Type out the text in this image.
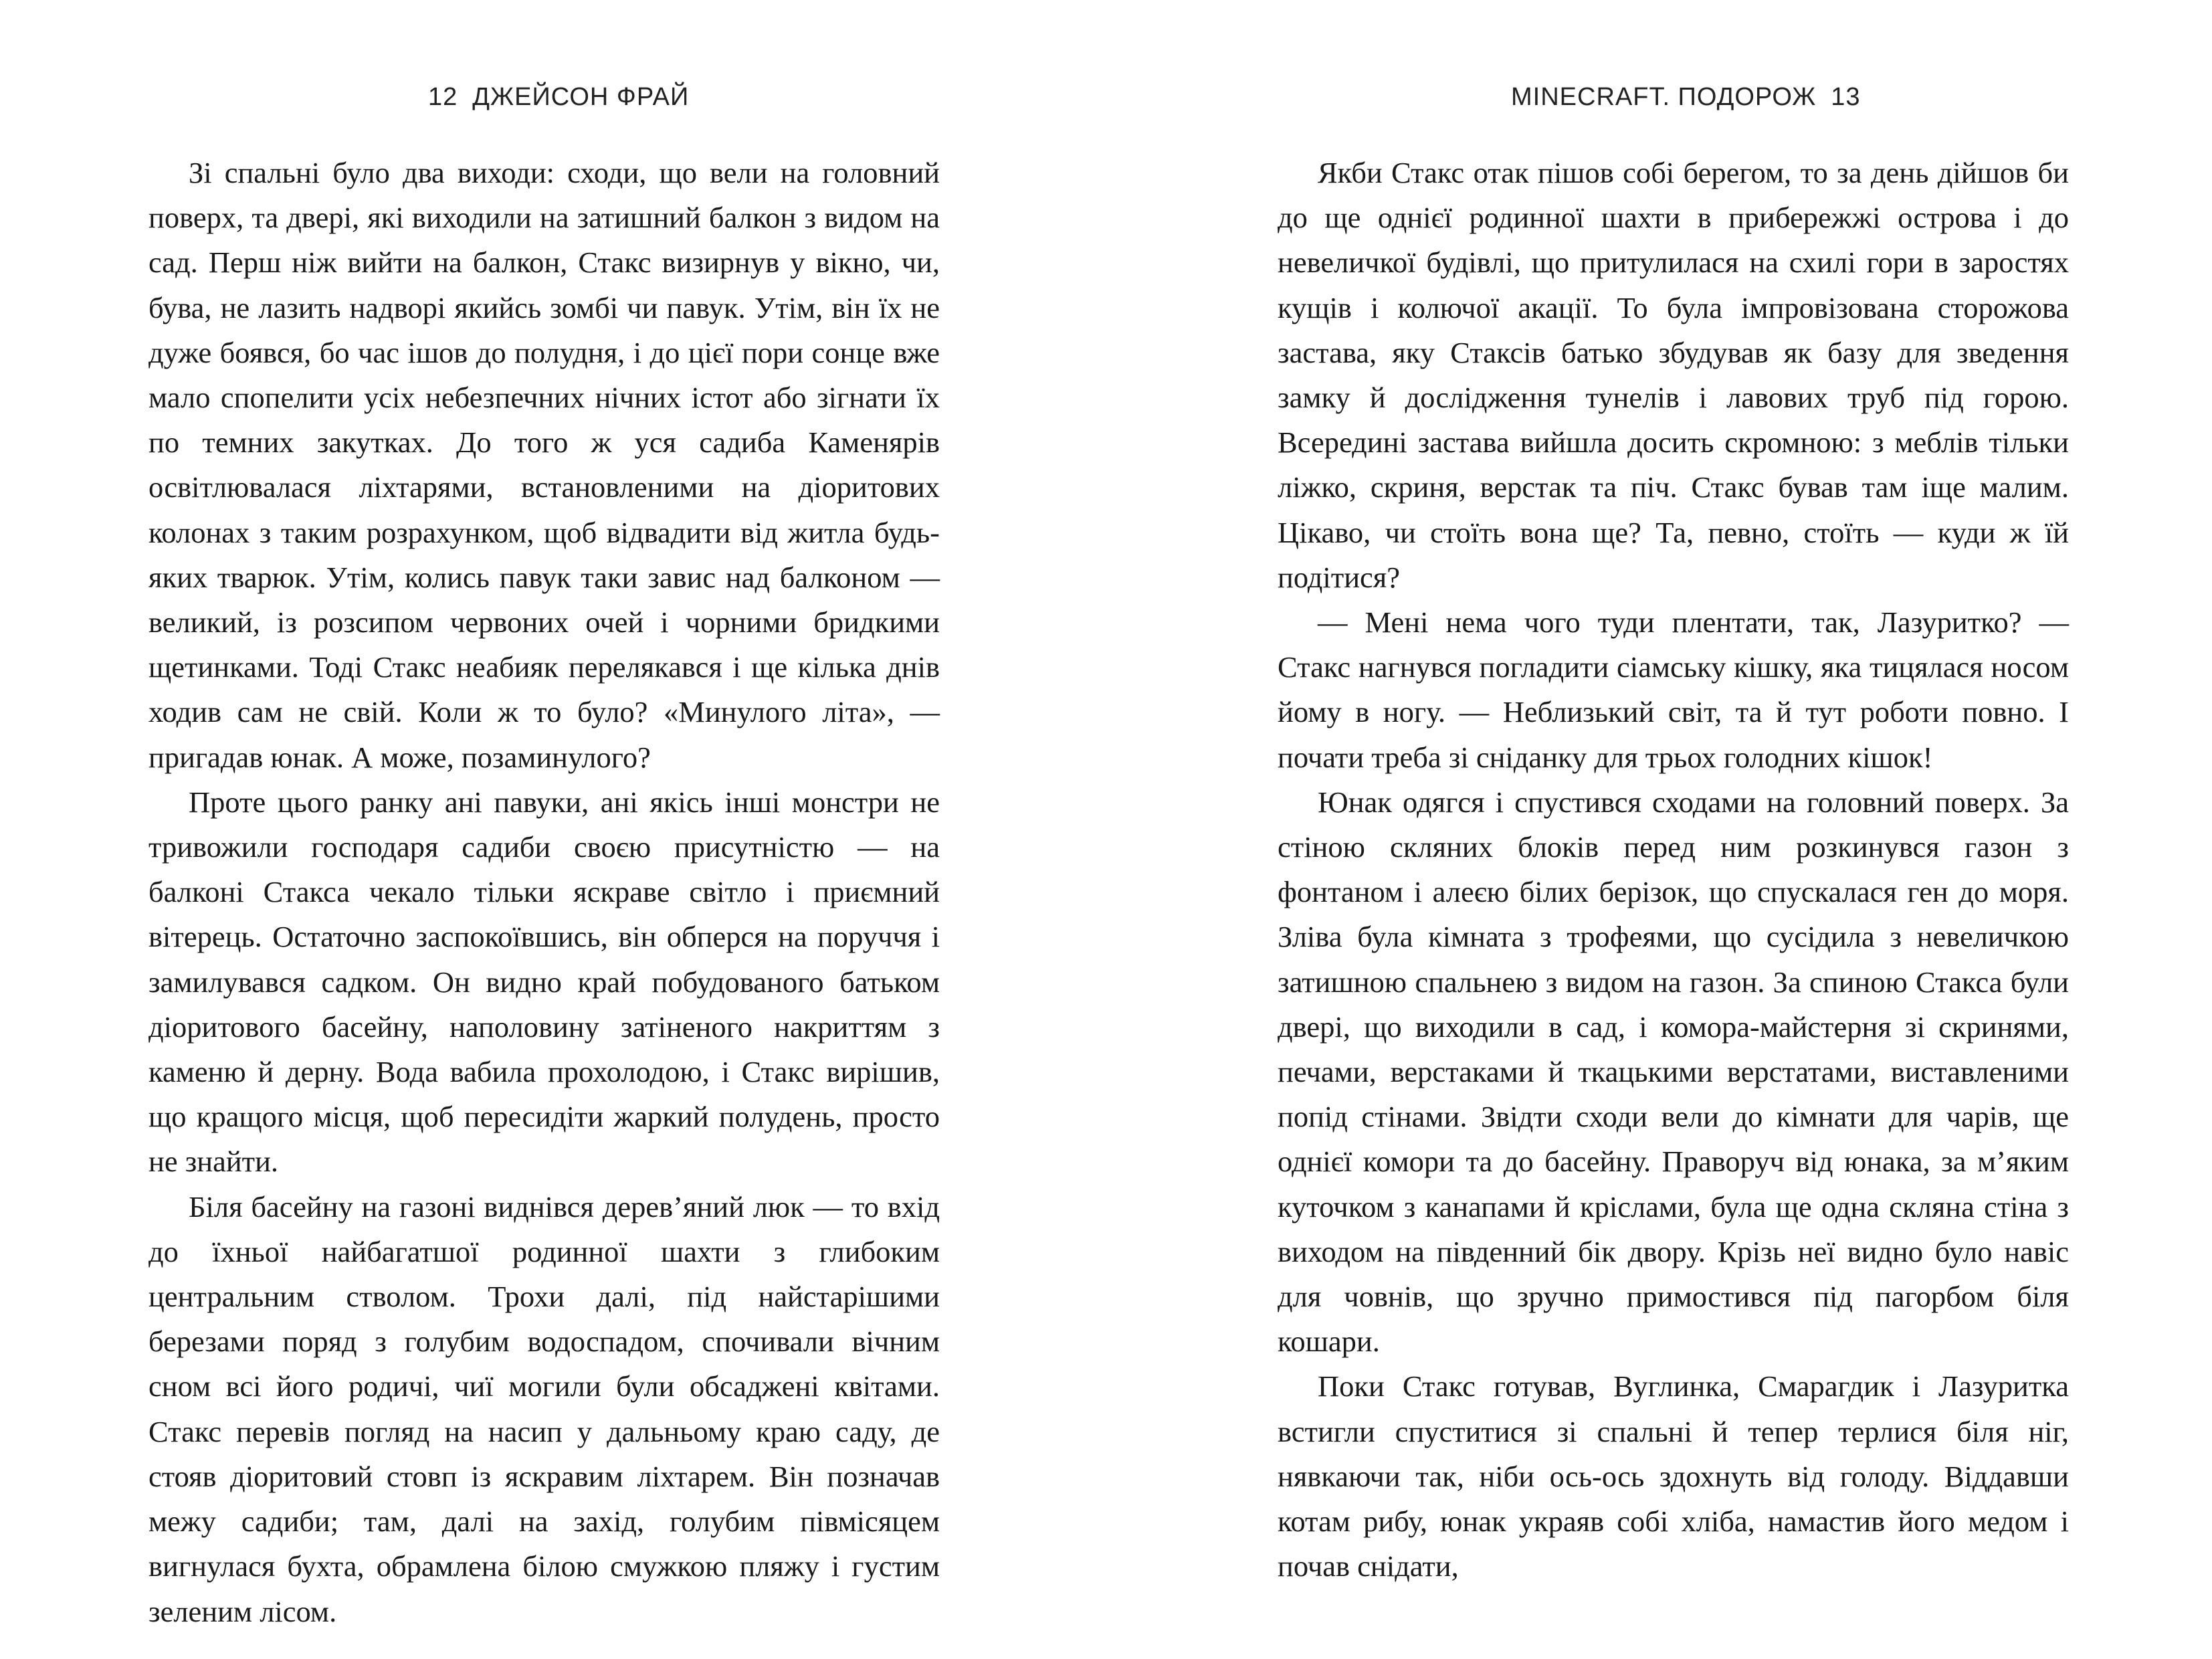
12 ДЖЕЙСОН ФРАЙ

Зі спальні було два виходи: сходи, що вели на головний поверх, та двері, які виходили на затишний балкон з видом на сад. Перш ніж вийти на балкон, Стакс визирнув у вікно, чи, бува, не лазить надворі якийсь зомбі чи павук. Утім, він їх не дуже боявся, бо час ішов до полудня, і до цієї пори сонце вже мало спопелити усіх небезпечних нічних істот або зігнати їх по темних закутках. До того ж уся садиба Каменярів освітлювалася ліхтарями, встановленими на діоритових колонах з таким розрахунком, щоб відвадити від житла будь-яких тварюк. Утім, колись павук таки завис над балконом — великий, із розсипом червоних очей і чорними бридкими щетинками. Тоді Стакс неабияк перелякався і ще кілька днів ходив сам не свій. Коли ж то було? «Минулого літа», — пригадав юнак. А може, позаминулого?

Проте цього ранку ані павуки, ані якісь інші монстри не тривожили господаря садиби своєю присутністю — на балконі Стакса чекало тільки яскраве світло і приємний вітерець. Остаточно заспокоївшись, він обперся на поруччя і замилувався садком. Он видно край побудованого батьком діоритового басейну, наполовину затіненого накриттям з каменю й дерну. Вода вабила прохолодою, і Стакс вирішив, що кращого місця, щоб пересидіти жаркий полудень, просто не знайти.

Біля басейну на газоні виднівся дерев’яний люк — то вхід до їхньої найбагатшої родинної шахти з глибоким центральним стволом. Трохи далі, під найстарішими березами поряд з голубим водоспадом, спочивали вічним сном всі його родичі, чиї могили були обсаджені квітами. Стакс перевів погляд на насип у дальньому краю саду, де стояв діоритовий стовп із яскравим ліхтарем. Він позначав межу садиби; там, далі на захід, голубим півмісяцем вигнулася бухта, обрамлена білою смужкою пляжу і густим зеленим лісом.

MINECRAFT. ПОДОРОЖ 13

Якби Стакс отак пішов собі берегом, то за день дійшов би до ще однієї родинної шахти в прибережжі острова і до невеличкої будівлі, що притулилася на схилі гори в заростях кущів і колючої акації. То була імпровізована сторожова застава, яку Стаксів батько збудував як базу для зведення замку й дослідження тунелів і лавових труб під горою. Всередині застава вийшла досить скромною: з меблів тільки ліжко, скриня, верстак та піч. Стакс бував там іще малим. Цікаво, чи стоїть вона ще? Та, певно, стоїть — куди ж їй подітися?

— Мені нема чого туди плентати, так, Лазуритко? — Стакс нагнувся погладити сіамську кішку, яка тицялася носом йому в ногу. — Неблизький світ, та й тут роботи повно. І почати треба зі сніданку для трьох голодних кішок!

Юнак одягся і спустився сходами на головний поверх. За стіною скляних блоків перед ним розкинувся газон з фонтаном і алеєю білих берізок, що спускалася ген до моря. Зліва була кімната з трофеями, що сусідила з невеличкою затишною спальнею з видом на газон. За спиною Стакса були двері, що виходили в сад, і комора-майстерня зі скринями, печами, верстаками й ткацькими верстатами, виставленими попід стінами. Звідти сходи вели до кімнати для чарів, ще однієї комори та до басейну. Праворуч від юнака, за м’яким куточком з канапами й кріслами, була ще одна скляна стіна з виходом на південний бік двору. Крізь неї видно було навіс для човнів, що зручно примостився під пагорбом біля кошари.

Поки Стакс готував, Вуглинка, Смарагдик і Лазуритка встигли спуститися зі спальні й тепер терлися біля ніг, нявкаючи так, ніби ось-ось здохнуть від голоду. Віддавши котам рибу, юнак украяв собі хліба, намастив його медом і почав снідати,
